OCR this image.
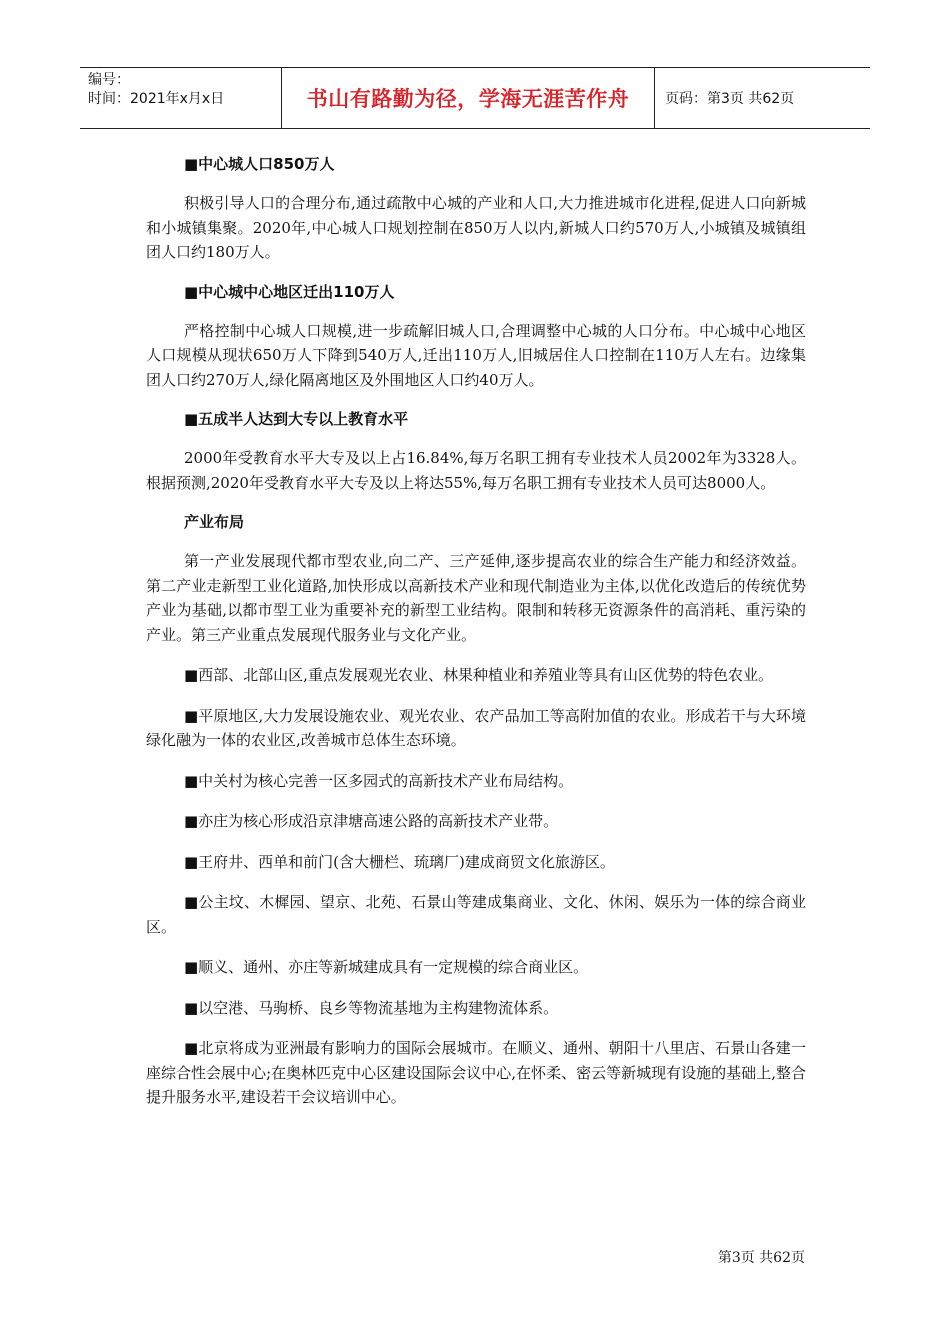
编号：
时间：2021年x月x日	书山有路勤为径，学海无涯苦作舟	页码：第3页 共62页
■中心城人口850万人
积极引导人口的合理分布,通过疏散中心城的产业和人口,大力推进城市化进程,促进人口向新城和小城镇集聚。2020年,中心城人口规划控制在850万人以内,新城人口约570万人,小城镇及城镇组团人口约180万人。
■中心城中心地区迁出110万人
严格控制中心城人口规模,进一步疏解旧城人口,合理调整中心城的人口分布。中心城中心地区人口规模从现状650万人下降到540万人,迁出110万人,旧城居住人口控制在110万人左右。边缘集团人口约270万人,绿化隔离地区及外围地区人口约40万人。
■五成半人达到大专以上教育水平
2000年受教育水平大专及以上占16.84%,每万名职工拥有专业技术人员2002年为3328人。根据预测,2020年受教育水平大专及以上将达55%,每万名职工拥有专业技术人员可达8000人。
产业布局
第一产业发展现代都市型农业,向二产、三产延伸,逐步提高农业的综合生产能力和经济效益。第二产业走新型工业化道路,加快形成以高新技术产业和现代制造业为主体,以优化改造后的传统优势产业为基础,以都市型工业为重要补充的新型工业结构。限制和转移无资源条件的高消耗、重污染的产业。第三产业重点发展现代服务业与文化产业。
■西部、北部山区,重点发展观光农业、林果种植业和养殖业等具有山区优势的特色农业。
■平原地区,大力发展设施农业、观光农业、农产品加工等高附加值的农业。形成若干与大环境绿化融为一体的农业区,改善城市总体生态环境。
■中关村为核心完善一区多园式的高新技术产业布局结构。
■亦庄为核心形成沿京津塘高速公路的高新技术产业带。
■王府井、西单和前门(含大栅栏、琉璃厂)建成商贸文化旅游区。
■公主坟、木樨园、望京、北苑、石景山等建成集商业、文化、休闲、娱乐为一体的综合商业区。
■顺义、通州、亦庄等新城建成具有一定规模的综合商业区。
■以空港、马驹桥、良乡等物流基地为主构建物流体系。
■北京将成为亚洲最有影响力的国际会展城市。在顺义、通州、朝阳十八里店、石景山各建一座综合性会展中心;在奥林匹克中心区建设国际会议中心,在怀柔、密云等新城现有设施的基础上,整合提升服务水平,建设若干会议培训中心。
第3页 共62页
